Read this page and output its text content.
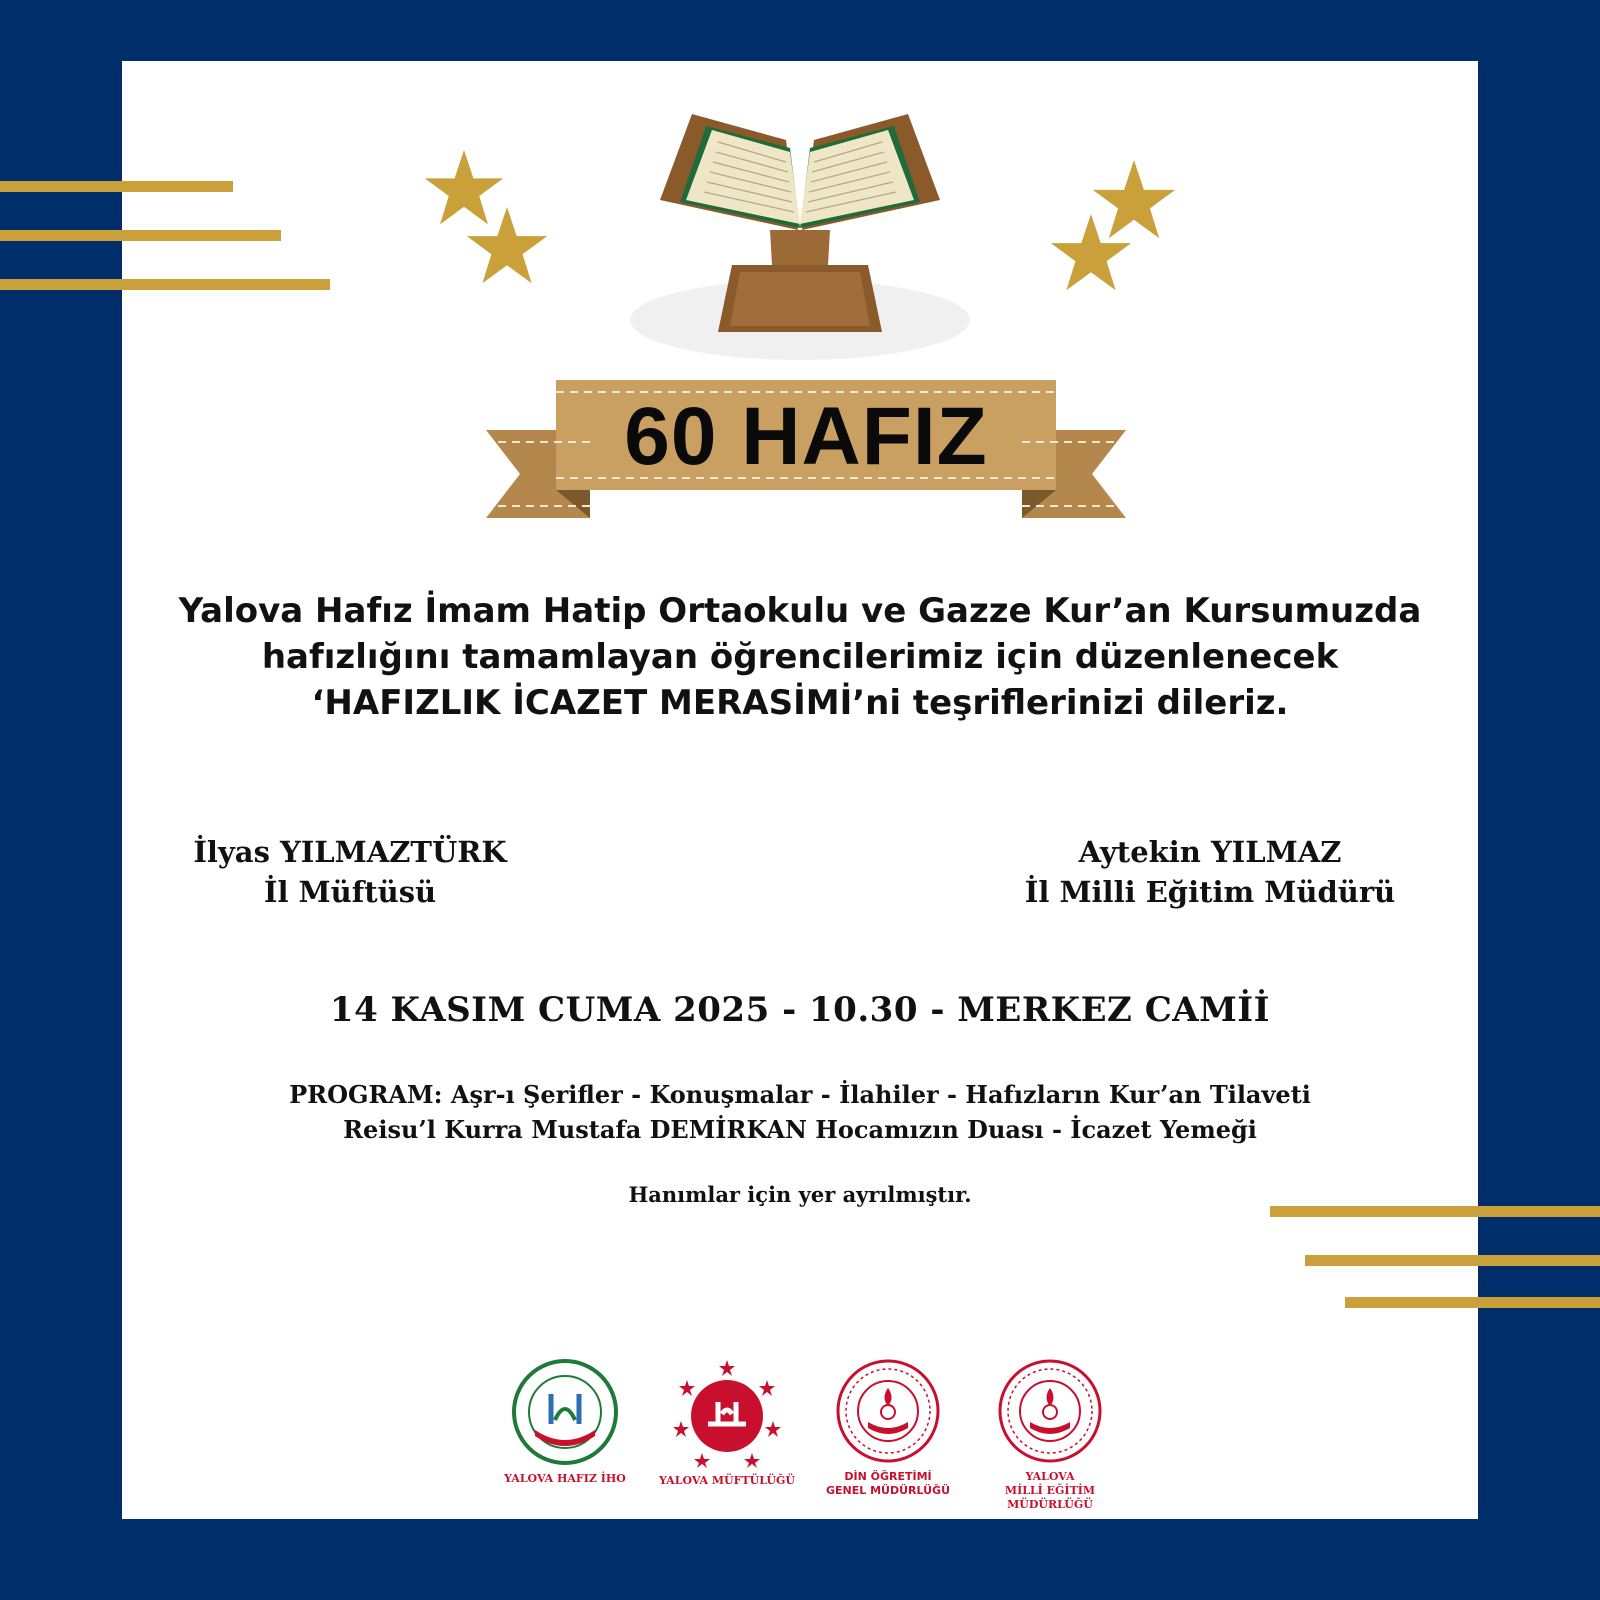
60 HAFIZ
Yalova Hafız İmam Hatip Ortaokulu ve Gazze Kur’an Kursumuzda
hafızlığını tamamlayan öğrencilerimiz için düzenlenecek
‘HAFIZLIK İCAZET MERASİMİ’ni teşriflerinizi dileriz.
İlyas YILMAZTÜRK
İl Müftüsü
Aytekin YILMAZ
İl Milli Eğitim Müdürü
14 KASIM CUMA 2025 - 10.30 - MERKEZ CAMİİ
PROGRAM: Aşr-ı Şerifler - Konuşmalar - İlahiler - Hafızların Kur’an Tilaveti
Reisu’l Kurra Mustafa DEMİRKAN Hocamızın Duası - İcazet Yemeği
Hanımlar için yer ayrılmıştır.
YALOVA HAFIZ İHO	YALOVA MÜFTÜLÜĞÜ	DİN ÖĞRETİMİ
GENEL MÜDÜRLÜĞÜ
YALOVA
MİLLİ EĞİTİM MÜDÜRLÜĞÜ
